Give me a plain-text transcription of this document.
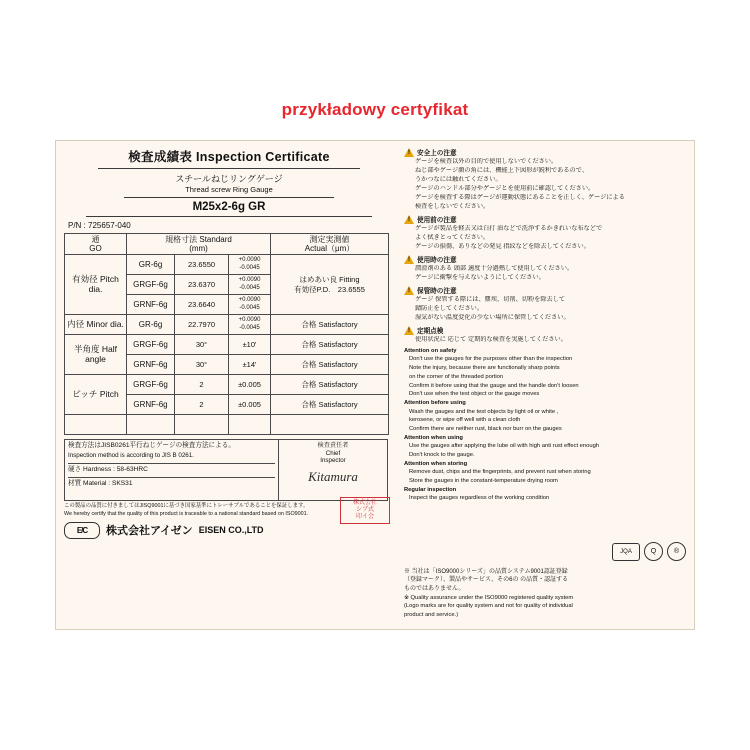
przykładowy certyfikat
検査成績表 Inspection Certificate
スチールねじリングゲージ
Thread screw Ring Gauge
M25x2-6g GR
P/N : 725657-040
通
GO

規格寸法 Standard
(mm)

測定実測値
Actual（μm）

有効径 Pitch dia.	GR-6g	23.6550	+0.0090
-0.0045

はめあい良 Fitting
有効径P.D.　23.6555

	GRGF-6g	23.6370	+0.0090
-0.0045	

	GRNF-6g	23.6640	+0.0090
-0.0045	

内径 Minor dia.	GR-6g	22.7970	+0.0090
-0.0045	合格 Satisfactory
半角度 Half angle	GRGF-6g	30°	±10'	合格 Satisfactory
	GRNF-6g	30°	±14'	合格 Satisfactory
ピッチ Pitch	GRGF-6g	2	±0.005	合格 Satisfactory
	GRNF-6g	2	±0.005	合格 Satisfactory

検査方法はJISB0261平行ねじゲージの検査方法による。
Inspection method is according to JIS B 0261.
硬さ Hardness : 58-63HRC
材質 Material : SKS31
検査責任者
Chief
Inspector
Kitamura
この製品の品質に付きましてはJISQ9001に基づき国家基準にトレーサブルであることを保証します。
We hereby certify that the quality of this product is traceable to a national standard based on ISO9001.
株式会社
シブ式
印イ会
E/C	株式会社アイゼン EISEN CO.,LTD
!
安全上の注意
ゲージを検査以外の目的で使用しないでください。
ねじ部やゲージ顔の角には、機能上下図形が鋭利であるので、
うかつなには触れてください。
ゲージのハンドル部分やゲージとを使用前に確認してください。
ゲージを検査する際はゲージが運動状態にあることを正しく、ゲージによる
検査をしないでください。
!
使用前の注意
ゲージが製品を軽去又は白打 油などで洗浄するかきれいな布などで
よく拭きとってください。
ゲージの損傷、ありなどの発見 指紋などを除去してください。
!
使用時の注意
潤滑剤のある 頭部 適度十分過熱して使用してください。
ゲージに衝撃を与えないようにしてください。
!
保管時の注意
ゲージ 保管する際には、塵埃、切削、切粉を除去して
錆防止をしてください。
湿気がない温度変化の少ない場所に保管してください。
!
定期点検
使用状況に 応じて 定期的な検査を実施してください。
Attention on safety
Don't use the gauges for the purposes other than the inspection
Note the injury, because there are functionally sharp points
on the corner of the threaded portion
Confirm it before using that the gauge and the handle don't loosen
Don't use when the test object or the gauge moves
Attention before using
Wash the gauges and the test objects by light oil or white ,
kerosene, or wipe off well with a clean cloth
Confirm there are neither rust, black nor burr on the gauges
Attention when using
Use the gauges after applying the lube oil with high anti rust effect enough
Don't knock to the gauge.
Attention when storing
Remove dust, chips and the fingerprints, and prevent rust when storing
Store the gauges in the constant-temperature drying room
Regular inspection
Inspect the gauges regardless of the working condition
JQA	Q	®
※ 当社は「ISO9000シリーズ」の品質システム9001認証登録
（登録マーク）、製品やサービス、その6の の品質・認証する
ものではありません。
※ Quality assurance under the ISO9000 registered quality system
(Logo marks are for quality system and not for quality of individual
product and service.)
